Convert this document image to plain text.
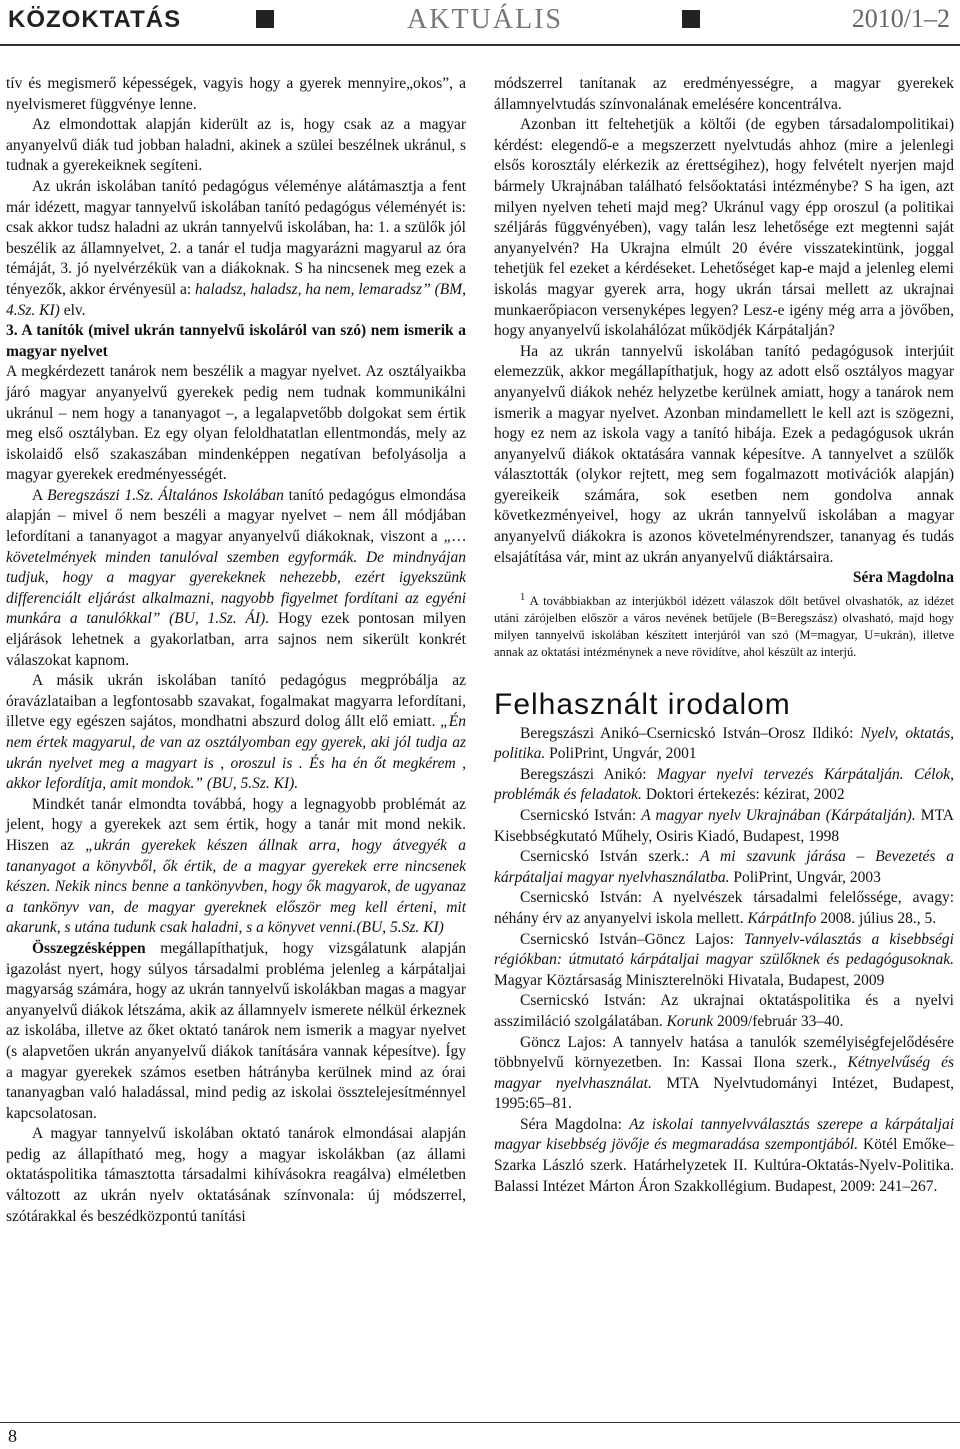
KÖZOKTATÁS	AKTUÁLIS	2010/1–2

tív és megismerő képességek, vagyis hogy a gyerek mennyire„okos”, a nyelvismeret függvénye lenne.

Az elmondottak alapján kiderült az is, hogy csak az a magyar anyanyelvű diák tud jobban haladni, akinek a szülei beszélnek ukránul, s tudnak a gyerekeiknek segíteni.

Az ukrán iskolában tanító pedagógus véleménye alátámasztja a fent már idézett, magyar tannyelvű iskolában tanító pedagógus véleményét is: csak akkor tudsz haladni az ukrán tannyelvű iskolában, ha: 1. a szülők jól beszélik az államnyelvet, 2. a tanár el tudja magyarázni magyarul az óra témáját, 3. jó nyelvérzékük van a diákoknak. S ha nincsenek meg ezek a tényezők, akkor érvényesül a: haladsz, haladsz, ha nem, lemaradsz” (BM, 4.Sz. KI) elv.

3. A tanítók (mivel ukrán tannyelvű iskoláról van szó) nem ismerik a magyar nyelvet

A megkérdezett tanárok nem beszélik a magyar nyelvet. Az osztályaikba járó magyar anyanyelvű gyerekek pedig nem tudnak kommunikálni ukránul – nem hogy a tananyagot –, a legalapvetőbb dolgokat sem értik meg első osztályban. Ez egy olyan feloldhatatlan ellentmondás, mely az iskolaidő első szakaszában mindenképpen negatívan befolyásolja a magyar gyerekek eredményességét.

A Beregszászi 1.Sz. Általános Iskolában tanító pedagógus elmondása alapján – mivel ő nem beszéli a magyar nyelvet – nem áll módjában lefordítani a tananyagot a magyar anyanyelvű diákoknak, viszont a „… követelmények minden tanulóval szemben egyformák. De mindnyájan tudjuk, hogy a magyar gyerekeknek nehezebb, ezért igyekszünk differenciált eljárást alkalmazni, nagyobb figyelmet fordítani az egyéni munkára a tanulókkal” (BU, 1.Sz. ÁI). Hogy ezek pontosan milyen eljárások lehetnek a gyakorlatban, arra sajnos nem sikerült konkrét válaszokat kapnom.

A másik ukrán iskolában tanító pedagógus megpróbálja az óravázlataiban a legfontosabb szavakat, fogalmakat magyarra lefordítani, illetve egy egészen sajátos, mondhatni abszurd dolog állt elő emiatt. „Én nem értek magyarul, de van az osztályomban egy gyerek, aki jól tudja az ukrán nyelvet meg a magyart is , oroszul is . És ha én őt megkérem , akkor lefordítja, amit mondok.” (BU, 5.Sz. KI).

Mindkét tanár elmondta továbbá, hogy a legnagyobb problémát az jelent, hogy a gyerekek azt sem értik, hogy a tanár mit mond nekik. Hiszen az „ukrán gyerekek készen állnak arra, hogy átvegyék a tananyagot a könyvből, ők értik, de a magyar gyerekek erre nincsenek készen. Nekik nincs benne a tankönyvben, hogy ők magyarok, de ugyanaz a tankönyv van, de magyar gyereknek először meg kell érteni, mit akarunk, s utána tudunk csak haladni, s a könyvet venni.(BU, 5.Sz. KI)

Összegzésképpen megállapíthatjuk, hogy vizsgálatunk alapján igazolást nyert, hogy súlyos társadalmi probléma jelenleg a kárpátaljai magyarság számára, hogy az ukrán tannyelvű iskolákban magas a magyar anyanyelvű diákok létszáma, akik az államnyelv ismerete nélkül érkeznek az iskolába, illetve az őket oktató tanárok nem ismerik a magyar nyelvet (s alapvetően ukrán anyanyelvű diákok tanítására vannak képesítve). Így a magyar gyerekek számos esetben hátrányba kerülnek mind az órai tananyagban való haladással, mind pedig az iskolai össztelejesítménnyel kapcsolatosan.

A magyar tannyelvű iskolában oktató tanárok elmondásai alapján pedig az állapítható meg, hogy a magyar iskolákban (az állami oktatáspolitika támasztotta társadalmi kihívásokra reagálva) elméletben változott az ukrán nyelv oktatásának színvonala: új módszerrel, szótárakkal és beszédközpontú tanítási

módszerrel tanítanak az eredményességre, a magyar gyerekek államnyelvtudás színvonalának emelésére koncentrálva.

Azonban itt feltehetjük a költői (de egyben társadalompolitikai) kérdést: elegendő-e a megszerzett nyelvtudás ahhoz (mire a jelenlegi elsős korosztály elérkezik az érettségihez), hogy felvételt nyerjen majd bármely Ukrajnában található felsőoktatási intézménybe? S ha igen, azt milyen nyelven teheti majd meg? Ukránul vagy épp oroszul (a politikai széljárás függvényében), vagy talán lesz lehetősége ezt megtenni saját anyanyelvén? Ha Ukrajna elmúlt 20 évére visszatekintünk, joggal tehetjük fel ezeket a kérdéseket. Lehetőséget kap-e majd a jelenleg elemi iskolás magyar gyerek arra, hogy ukrán társai mellett az ukrajnai munkaerőpiacon versenyképes legyen? Lesz-e igény még arra a jövőben, hogy anyanyelvű iskolahálózat működjék Kárpátalján?

Ha az ukrán tannyelvű iskolában tanító pedagógusok interjúit elemezzük, akkor megállapíthatjuk, hogy az adott első osztályos magyar anyanyelvű diákok nehéz helyzetbe kerülnek amiatt, hogy a tanárok nem ismerik a magyar nyelvet. Azonban mindamellett le kell azt is szögezni, hogy ez nem az iskola vagy a tanító hibája. Ezek a pedagógusok ukrán anyanyelvű diákok oktatására vannak képesítve. A tannyelvet a szülők választották (olykor rejtett, meg sem fogalmazott motivációk alapján) gyereikeik számára, sok esetben nem gondolva annak következményeivel, hogy az ukrán tannyelvű iskolában a magyar anyanyelvű diákokra is azonos követelményrendszer, tananyag és tudás elsajátítása vár, mint az ukrán anyanyelvű diáktársaira.

Séra Magdolna

$^1$ A továbbiakban az interjúkból idézett válaszok dőlt betűvel olvashatók, az idézet utáni zárójelben először a város nevének betűjele (B=Beregszász) olvasható, majd hogy milyen tannyelvű iskolában készített interjúról van szó (M=magyar, U=ukrán), illetve annak az oktatási intézménynek a neve rövidítve, ahol készült az interjú.

Felhasznált irodalom

Beregszászi Anikó–Csernicskó István–Orosz Ildikó: Nyelv, oktatás, politika. PoliPrint, Ungvár, 2001

Beregszászi Anikó: Magyar nyelvi tervezés Kárpátalján. Célok, problémák és feladatok. Doktori értekezés: kézirat, 2002

Csernicskó István: A magyar nyelv Ukrajnában (Kárpátalján). MTA Kisebbségkutató Műhely, Osiris Kiadó, Budapest, 1998

Csernicskó István szerk.: A mi szavunk járása – Bevezetés a kárpátaljai magyar nyelvhasználatba. PoliPrint, Ungvár, 2003

Csernicskó István: A nyelvészek társadalmi felelőssége, avagy: néhány érv az anyanyelvi iskola mellett. KárpátInfo 2008. július 28., 5.

Csernicskó István–Göncz Lajos: Tannyelv-választás a kisebbségi régiókban: útmutató kárpátaljai magyar szülőknek és pedagógusoknak. Magyar Köztársaság Miniszterelnöki Hivatala, Budapest, 2009

Csernicskó István: Az ukrajnai oktatáspolitika és a nyelvi asszimiláció szolgálatában. Korunk 2009/február 33–40.

Göncz Lajos: A tannyelv hatása a tanulók személyiségfejelődésére többnyelvű környezetben. In: Kassai Ilona szerk., Kétnyelvűség és magyar nyelvhasználat. MTA Nyelvtudományi Intézet, Budapest, 1995:65–81.

Séra Magdolna: Az iskolai tannyelvválasztás szerepe a kárpátaljai magyar kisebbség jövője és megmaradása szempontjából. Kötél Emőke–Szarka László szerk. Határhelyzetek II. Kultúra-Oktatás-Nyelv-Politika. Balassi Intézet Márton Áron Szakkollégium. Budapest, 2009: 241–267.

8
